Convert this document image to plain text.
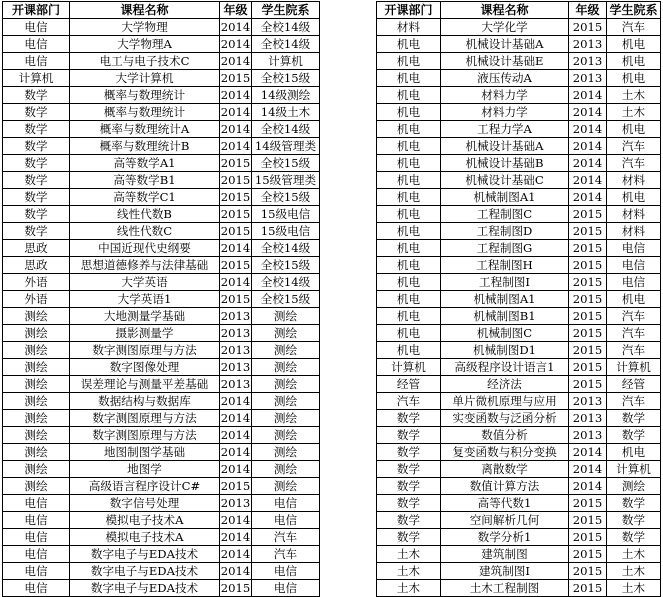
开课部门	课程名称	年级	学生院系
电信	大学物理	2014	全校14级
电信	大学物理A	2014	全校14级
电信	电工与电子技术C	2014	计算机
计算机	大学计算机	2015	全校15级
数学	概率与数理统计	2014	14级测绘
数学	概率与数理统计	2014	14级土木
数学	概率与数理统计A	2014	全校14级
数学	概率与数理统计B	2014	14级管理类
数学	高等数学A1	2015	全校15级
数学	高等数学B1	2015	15级管理类
数学	高等数学C1	2015	全校15级
数学	线性代数B	2015	15级电信
数学	线性代数C	2015	15级电信
思政	中国近现代史纲要	2014	全校14级
思政	思想道德修养与法律基础	2015	全校15级
外语	大学英语	2014	全校14级
外语	大学英语1	2015	全校15级
测绘	大地测量学基础	2013	测绘
测绘	摄影测量学	2013	测绘
测绘	数字测图原理与方法	2013	测绘
测绘	数字图像处理	2013	测绘
测绘	误差理论与测量平差基础	2013	测绘
测绘	数据结构与数据库	2014	测绘
测绘	数字测图原理与方法	2014	测绘
测绘	数字测图原理与方法	2014	测绘
测绘	地图制图学基础	2014	测绘
测绘	地图学	2014	测绘
测绘	高级语言程序设计C#	2015	测绘
电信	数字信号处理	2013	电信
电信	模拟电子技术A	2014	电信
电信	模拟电子技术A	2014	汽车
电信	数字电子与EDA技术	2014	汽车
电信	数字电子与EDA技术	2014	电信
电信	数字电子与EDA技术	2015	电信
开课部门	课程名称	年级	学生院系
材料	大学化学	2015	汽车
机电	机械设计基础A	2013	机电
机电	机械设计基础E	2013	机电
机电	液压传动A	2013	机电
机电	材料力学	2014	土木
机电	材料力学	2014	土木
机电	工程力学A	2014	机电
机电	机械设计基础A	2014	汽车
机电	机械设计基础B	2014	汽车
机电	机械设计基础C	2014	材料
机电	机械制图A1	2014	机电
机电	工程制图C	2015	材料
机电	工程制图D	2015	材料
机电	工程制图G	2015	电信
机电	工程制图H	2015	电信
机电	工程制图I	2015	电信
机电	机械制图A1	2015	机电
机电	机械制图B1	2015	汽车
机电	机械制图C	2015	汽车
机电	机械制图D1	2015	汽车
计算机	高级程序设计语言1	2015	计算机
经管	经济法	2015	经管
汽车	单片微机原理与应用	2013	汽车
数学	实变函数与泛函分析	2013	数学
数学	数值分析	2013	数学
数学	复变函数与积分变换	2014	机电
数学	离散数学	2014	计算机
数学	数值计算方法	2014	测绘
数学	高等代数1	2015	数学
数学	空间解析几何	2015	数学
数学	数学分析1	2015	数学
土木	建筑制图	2015	土木
土木	建筑制图I	2015	土木
土木	土木工程制图	2015	土木
